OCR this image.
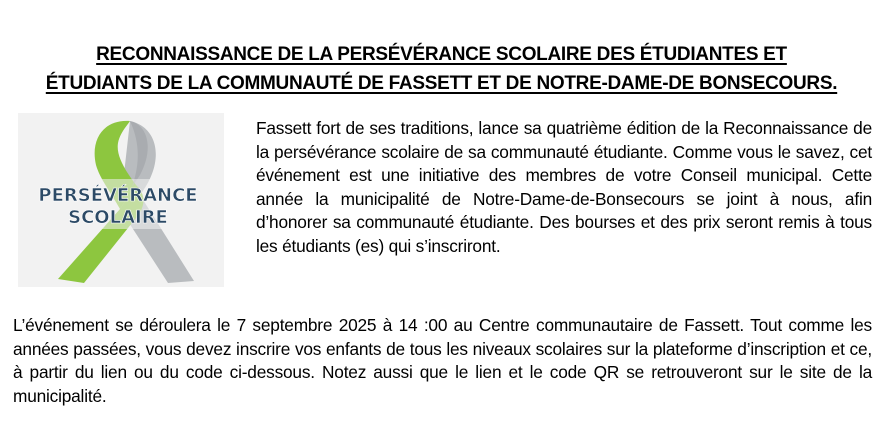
RECONNAISSANCE DE LA PERSÉVÉRANCE SCOLAIRE DES ÉTUDIANTES ET
ÉTUDIANTS DE LA COMMUNAUTÉ DE FASSETT ET DE NOTRE-DAME-DE BONSECOURS.
PERSÉVÉRANCE
SCOLAIRE

Fassett fort de ses traditions, lance sa quatrième édition de la Reconnaissance de la persévérance scolaire de sa communauté étudiante. Comme vous le savez, cet événement est une initiative des membres de votre Conseil municipal. Cette année la municipalité de Notre-Dame-de-Bonsecours se joint à nous, afin d’honorer sa communauté étudiante. Des bourses et des prix seront remis à tous les étudiants (es) qui s’inscriront.

L’événement se déroulera le 7 septembre 2025 à 14 :00 au Centre communautaire de Fassett. Tout comme les années passées, vous devez inscrire vos enfants de tous les niveaux scolaires sur la plateforme d’inscription et ce, à partir du lien ou du code ci-dessous. Notez aussi que le lien et le code QR se retrouveront sur le site de la municipalité.
